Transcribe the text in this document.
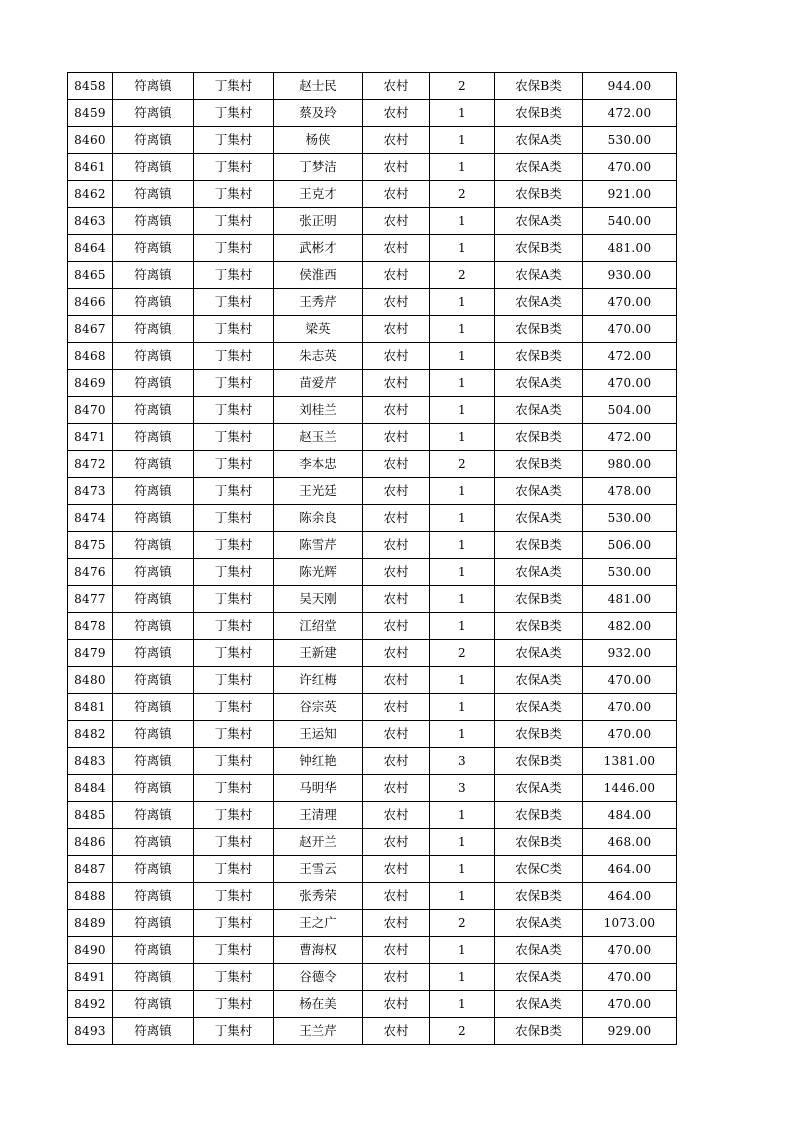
8458	符离镇	丁集村	赵士民	农村	2	农保B类	944.00
8459	符离镇	丁集村	蔡及玲	农村	1	农保B类	472.00
8460	符离镇	丁集村	杨侠	农村	1	农保A类	530.00
8461	符离镇	丁集村	丁梦洁	农村	1	农保A类	470.00
8462	符离镇	丁集村	王克才	农村	2	农保B类	921.00
8463	符离镇	丁集村	张正明	农村	1	农保A类	540.00
8464	符离镇	丁集村	武彬才	农村	1	农保B类	481.00
8465	符离镇	丁集村	侯淮西	农村	2	农保A类	930.00
8466	符离镇	丁集村	王秀芹	农村	1	农保A类	470.00
8467	符离镇	丁集村	梁英	农村	1	农保B类	470.00
8468	符离镇	丁集村	朱志英	农村	1	农保B类	472.00
8469	符离镇	丁集村	苗爱芹	农村	1	农保A类	470.00
8470	符离镇	丁集村	刘桂兰	农村	1	农保A类	504.00
8471	符离镇	丁集村	赵玉兰	农村	1	农保B类	472.00
8472	符离镇	丁集村	李本忠	农村	2	农保B类	980.00
8473	符离镇	丁集村	王光廷	农村	1	农保A类	478.00
8474	符离镇	丁集村	陈余良	农村	1	农保A类	530.00
8475	符离镇	丁集村	陈雪芹	农村	1	农保B类	506.00
8476	符离镇	丁集村	陈光辉	农村	1	农保A类	530.00
8477	符离镇	丁集村	吴天刚	农村	1	农保B类	481.00
8478	符离镇	丁集村	江绍堂	农村	1	农保B类	482.00
8479	符离镇	丁集村	王新建	农村	2	农保A类	932.00
8480	符离镇	丁集村	许红梅	农村	1	农保A类	470.00
8481	符离镇	丁集村	谷宗英	农村	1	农保A类	470.00
8482	符离镇	丁集村	王运知	农村	1	农保B类	470.00
8483	符离镇	丁集村	钟红艳	农村	3	农保B类	1381.00
8484	符离镇	丁集村	马明华	农村	3	农保A类	1446.00
8485	符离镇	丁集村	王清理	农村	1	农保B类	484.00
8486	符离镇	丁集村	赵开兰	农村	1	农保B类	468.00
8487	符离镇	丁集村	王雪云	农村	1	农保C类	464.00
8488	符离镇	丁集村	张秀荣	农村	1	农保B类	464.00
8489	符离镇	丁集村	王之广	农村	2	农保A类	1073.00
8490	符离镇	丁集村	曹海权	农村	1	农保A类	470.00
8491	符离镇	丁集村	谷德令	农村	1	农保A类	470.00
8492	符离镇	丁集村	杨在美	农村	1	农保A类	470.00
8493	符离镇	丁集村	王兰芹	农村	2	农保B类	929.00
